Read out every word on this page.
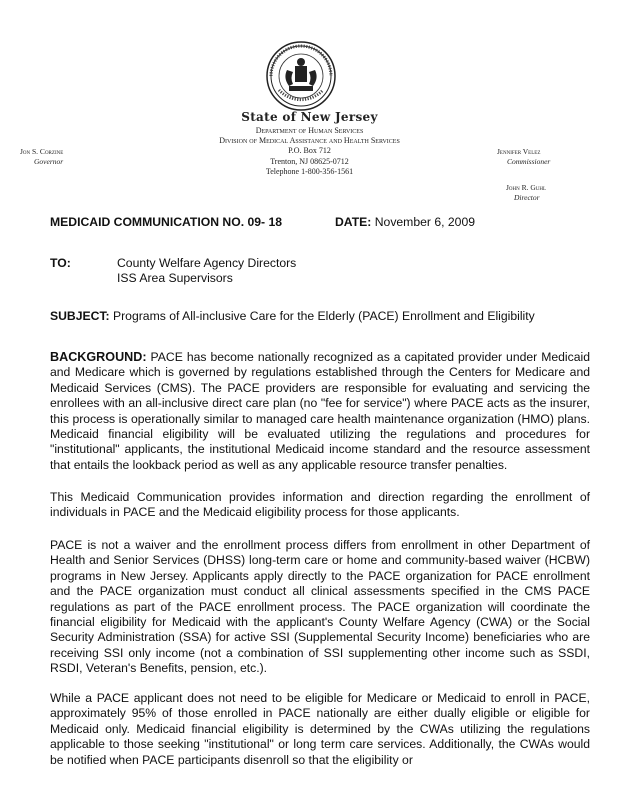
State of New Jersey
Department of Human Services
Division of Medical Assistance and Health Services
P.O. Box 712
Trenton, NJ 08625-0712
Telephone 1-800-356-1561
Jon S. Corzine
Governor
Jennifer Velez
Commissioner
John R. Guhl
Director
MEDICAID COMMUNICATION NO. 09- 18	DATE: November 6, 2009
TO:	County Welfare Agency Directors
ISS Area Supervisors
SUBJECT: Programs of All-inclusive Care for the Elderly (PACE) Enrollment and Eligibility
BACKGROUND: PACE has become nationally recognized as a capitated provider under Medicaid and Medicare which is governed by regulations established through the Centers for Medicare and Medicaid Services (CMS). The PACE providers are responsible for evaluating and servicing the enrollees with an all-inclusive direct care plan (no "fee for service") where PACE acts as the insurer, this process is operationally similar to managed care health maintenance organization (HMO) plans. Medicaid financial eligibility will be evaluated utilizing the regulations and procedures for "institutional" applicants, the institutional Medicaid income standard and the resource assessment that entails the lookback period as well as any applicable resource transfer penalties.
This Medicaid Communication provides information and direction regarding the enrollment of individuals in PACE and the Medicaid eligibility process for those applicants.
PACE is not a waiver and the enrollment process differs from enrollment in other Department of Health and Senior Services (DHSS) long-term care or home and community-based waiver (HCBW) programs in New Jersey. Applicants apply directly to the PACE organization for PACE enrollment and the PACE organization must conduct all clinical assessments specified in the CMS PACE regulations as part of the PACE enrollment process. The PACE organization will coordinate the financial eligibility for Medicaid with the applicant's County Welfare Agency (CWA) or the Social Security Administration (SSA) for active SSI (Supplemental Security Income) beneficiaries who are receiving SSI only income (not a combination of SSI supplementing other income such as SSDI, RSDI, Veteran's Benefits, pension, etc.).
While a PACE applicant does not need to be eligible for Medicare or Medicaid to enroll in PACE, approximately 95% of those enrolled in PACE nationally are either dually eligible or eligible for Medicaid only. Medicaid financial eligibility is determined by the CWAs utilizing the regulations applicable to those seeking "institutional" or long term care services. Additionally, the CWAs would be notified when PACE participants disenroll so that the eligibility or
